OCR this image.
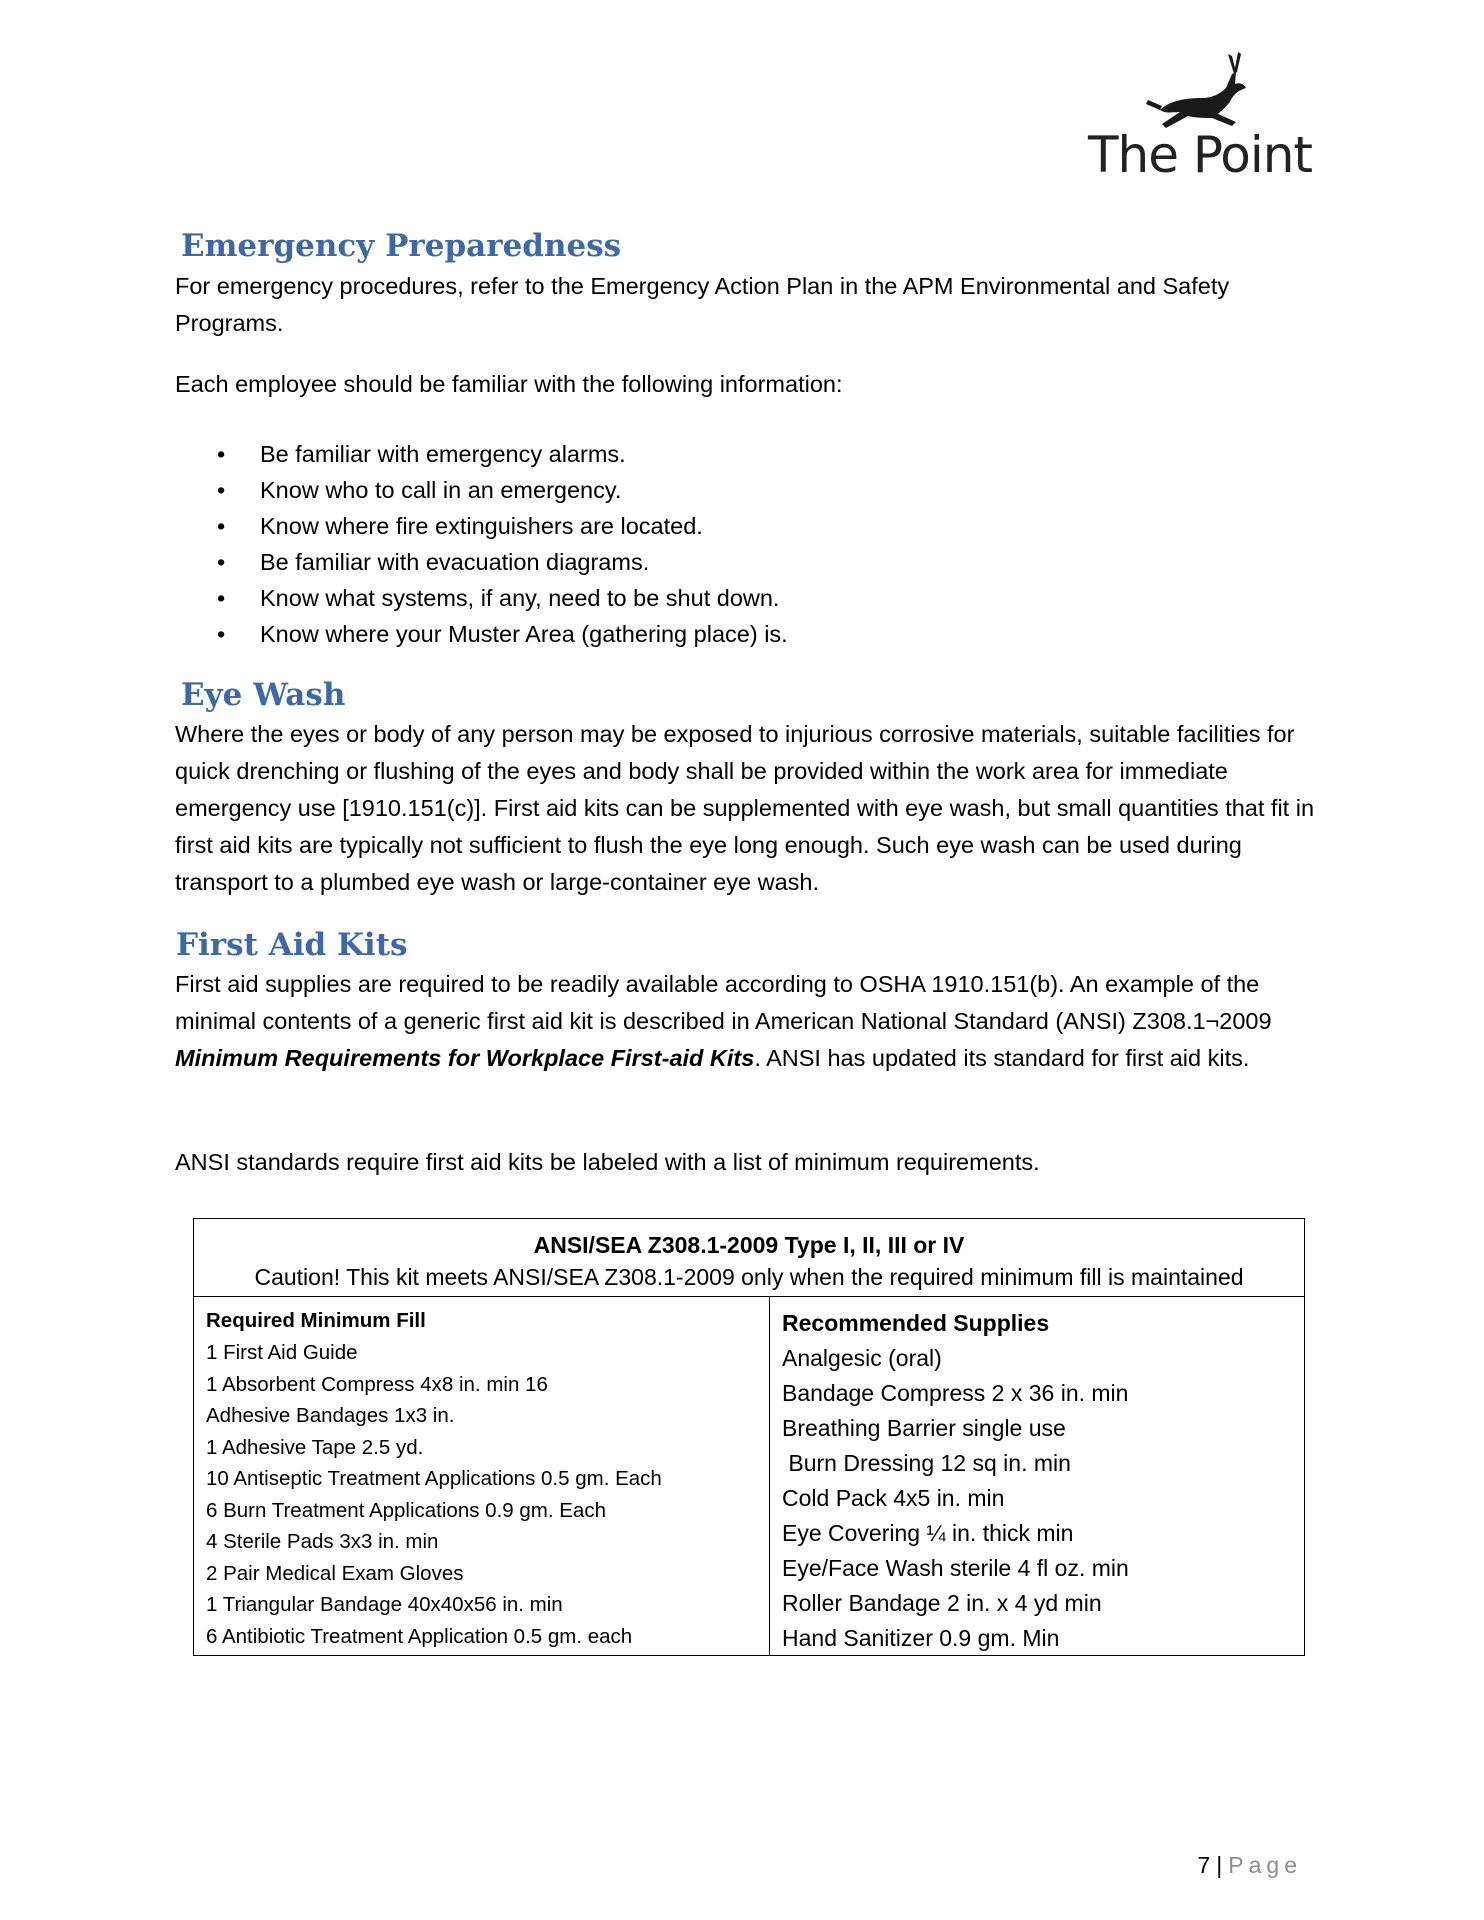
The Point
Emergency Preparedness

For emergency procedures, refer to the Emergency Action Plan in the APM Environmental and Safety Programs.

Each employee should be familiar with the following information:

• Be familiar with emergency alarms.
• Know who to call in an emergency.
• Know where fire extinguishers are located.
• Be familiar with evacuation diagrams.
• Know what systems, if any, need to be shut down.
• Know where your Muster Area (gathering place) is.
Eye Wash

Where the eyes or body of any person may be exposed to injurious corrosive materials, suitable facilities for quick drenching or flushing of the eyes and body shall be provided within the work area for immediate emergency use [1910.151(c)]. First aid kits can be supplemented with eye wash, but small quantities that fit in first aid kits are typically not sufficient to flush the eye long enough. Such eye wash can be used during transport to a plumbed eye wash or large-container eye wash.

First Aid Kits

First aid supplies are required to be readily available according to OSHA 1910.151(b). An example of the minimal contents of a generic first aid kit is described in American National Standard (ANSI) Z308.1¬2009 Minimum Requirements for Workplace First-aid Kits. ANSI has updated its standard for first aid kits.

ANSI standards require first aid kits be labeled with a list of minimum requirements.

ANSI/SEA Z308.1-2009 Type I, II, III or IV
Caution! This kit meets ANSI/SEA Z308.1-2009 only when the required minimum fill is maintained
Required Minimum Fill
1 First Aid Guide
1 Absorbent Compress 4x8 in. min 16
Adhesive Bandages 1x3 in.
1 Adhesive Tape 2.5 yd.
10 Antiseptic Treatment Applications 0.5 gm. Each
6 Burn Treatment Applications 0.9 gm. Each
4 Sterile Pads 3x3 in. min
2 Pair Medical Exam Gloves
1 Triangular Bandage 40x40x56 in. min
6 Antibiotic Treatment Application 0.5 gm. each
Recommended Supplies
Analgesic (oral)
Bandage Compress 2 x 36 in. min
Breathing Barrier single use
Burn Dressing 12 sq in. min
Cold Pack 4x5 in. min
Eye Covering ¼ in. thick min
Eye/Face Wash sterile 4 fl oz. min
Roller Bandage 2 in. x 4 yd min
Hand Sanitizer 0.9 gm. Min
7 | Page
